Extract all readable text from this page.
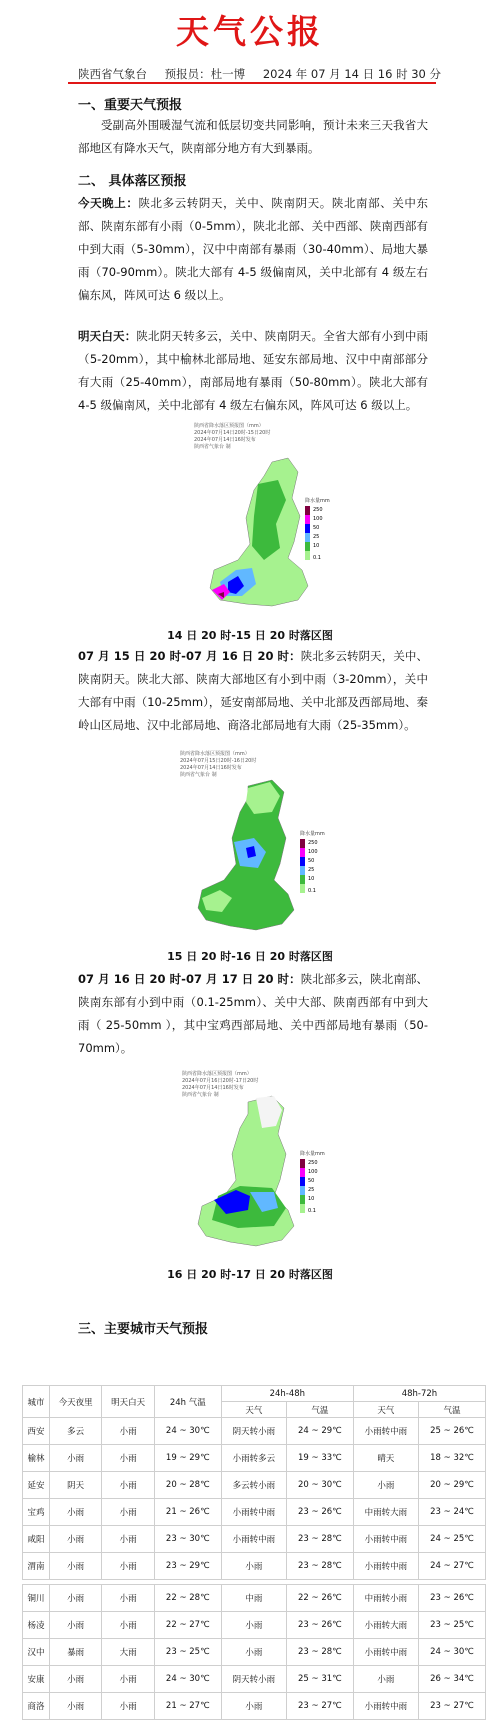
天气公报
陕西省气象台 预报员：杜一博 2024 年 07 月 14 日 16 时 30 分
一、重要天气预报
受副高外围暖湿气流和低层切变共同影响，预计未来三天我省大部地区有降水天气，陕南部分地方有大到暴雨。
二、 具体落区预报
今天晚上：陕北多云转阴天，关中、陕南阴天。陕北南部、关中东部、陕南东部有小雨（0-5mm），陕北北部、关中西部、陕南西部有中到大雨（5-30mm），汉中中南部有暴雨（30-40mm）、局地大暴雨（70-90mm）。陕北大部有 4-5 级偏南风，关中北部有 4 级左右偏东风，阵风可达 6 级以上。
明天白天：陕北阴天转多云，关中、陕南阴天。全省大部有小到中雨（5-20mm），其中榆林北部局地、延安东部局地、汉中中南部部分有大雨（25-40mm），南部局地有暴雨（50-80mm）。陕北大部有 4-5 级偏南风，关中北部有 4 级左右偏东风，阵风可达 6 级以上。
陕西省降水落区预报图（mm）
2024年07月14日20时-15日20时
2024年07月14日16时发布
陕西省气象台 制
降水量mm
250
100
50
25
10
0.1
14 日 20 时-15 日 20 时落区图
07 月 15 日 20 时-07 月 16 日 20 时：陕北多云转阴天，关中、陕南阴天。陕北大部、陕南大部地区有小到中雨（3-20mm），关中大部有中雨（10-25mm），延安南部局地、关中北部及西部局地、秦岭山区局地、汉中北部局地、商洛北部局地有大雨（25-35mm）。
陕西省降水落区预报图（mm）
2024年07月15日20时-16日20时
2024年07月14日16时发布
陕西省气象台 制
降水量mm
250
100
50
25
10
0.1
15 日 20 时-16 日 20 时落区图
07 月 16 日 20 时-07 月 17 日 20 时：陕北部多云，陕北南部、陕南东部有小到中雨（0.1-25mm）、关中大部、陕南西部有中到大雨（ 25-50mm ），其中宝鸡西部局地、关中西部局地有暴雨（50-70mm）。
陕西省降水落区预报图（mm）
2024年07月16日20时-17日20时
2024年07月14日16时发布
陕西省气象台 制
降水量mm
250
100
50
25
10
0.1
16 日 20 时-17 日 20 时落区图
三、主要城市天气预报
城市	今天夜里	明天白天	24h 气温	24h-48h		48h-72h	
				天气	气温	天气	气温
西安	多云	小雨	24 ~ 30℃	阴天转小雨	24 ~ 29℃	小雨转中雨	25 ~ 26℃
榆林	小雨	小雨	19 ~ 29℃	小雨转多云	19 ~ 33℃	晴天	18 ~ 32℃
延安	阴天	小雨	20 ~ 28℃	多云转小雨	20 ~ 30℃	小雨	20 ~ 29℃
宝鸡	小雨	小雨	21 ~ 26℃	小雨转中雨	23 ~ 26℃	中雨转大雨	23 ~ 24℃
咸阳	小雨	小雨	23 ~ 30℃	小雨转中雨	23 ~ 28℃	小雨转中雨	24 ~ 25℃
渭南	小雨	小雨	23 ~ 29℃	小雨	23 ~ 28℃	小雨转中雨	24 ~ 27℃

铜川	小雨	小雨	22 ~ 28℃	中雨	22 ~ 26℃	中雨转小雨	23 ~ 26℃
杨凌	小雨	小雨	22 ~ 27℃	小雨	23 ~ 26℃	小雨转大雨	23 ~ 25℃
汉中	暴雨	大雨	23 ~ 25℃	小雨	23 ~ 28℃	小雨转中雨	24 ~ 30℃
安康	小雨	小雨	24 ~ 30℃	阴天转小雨	25 ~ 31℃	小雨	26 ~ 34℃
商洛	小雨	小雨	21 ~ 27℃	小雨	23 ~ 27℃	小雨转中雨	23 ~ 27℃
